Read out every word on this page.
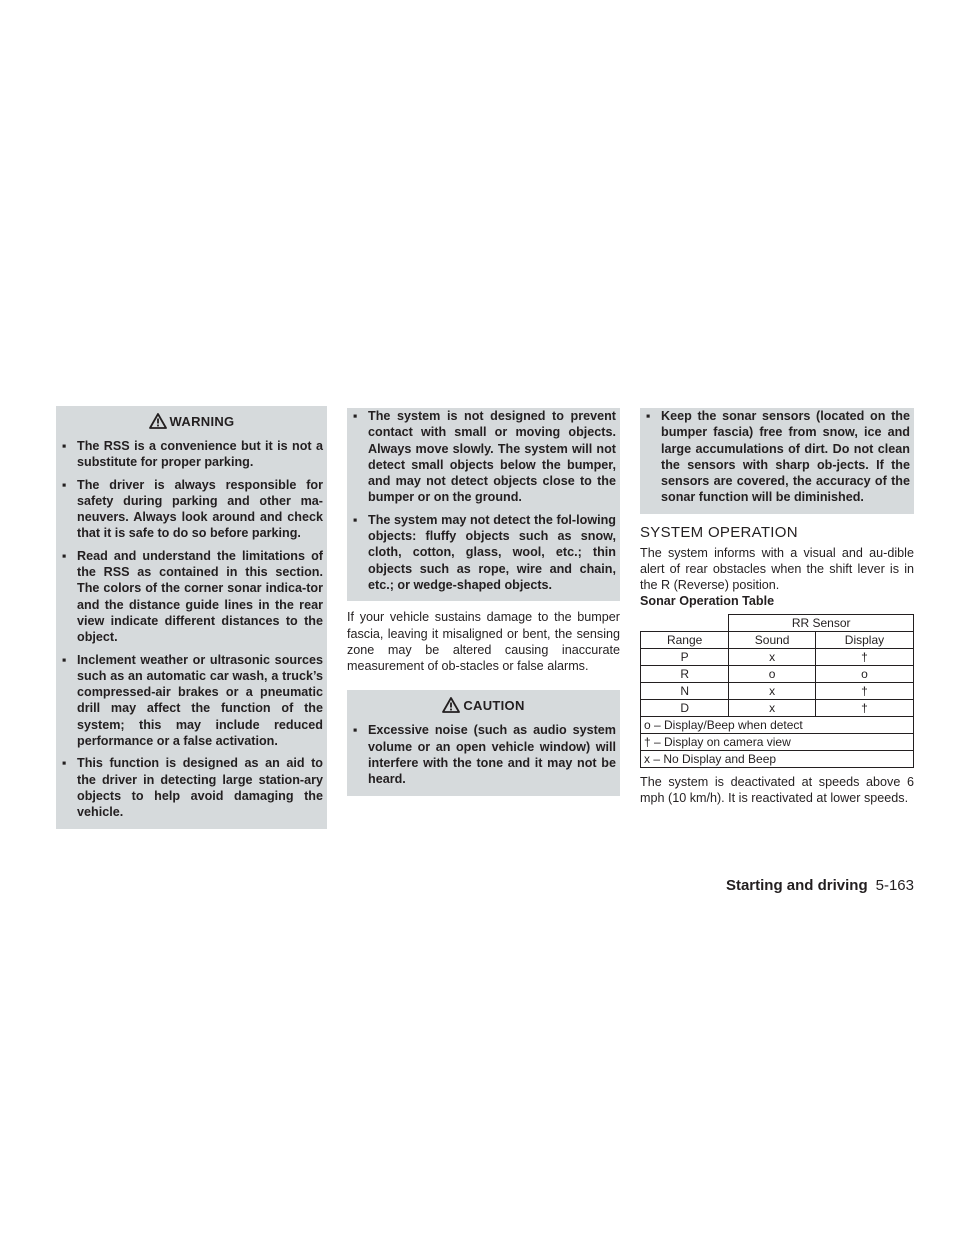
WARNING
▪ The RSS is a convenience but it is not a substitute for proper parking.
▪ The driver is always responsible for safety during parking and other ma-neuvers. Always look around and check that it is safe to do so before parking.
▪ Read and understand the limitations of the RSS as contained in this section. The colors of the corner sonar indica-tor and the distance guide lines in the rear view indicate different distances to the object.
▪ Inclement weather or ultrasonic sources such as an automatic car wash, a truck’s compressed-air brakes or a pneumatic drill may affect the function of the system; this may include reduced performance or a false activation.
▪ This function is designed as an aid to the driver in detecting large station-ary objects to help avoid damaging the vehicle.
▪ The system is not designed to prevent contact with small or moving objects. Always move slowly. The system will not detect small objects below the bumper, and may not detect objects close to the bumper or on the ground.
▪ The system may not detect the fol-lowing objects: fluffy objects such as snow, cloth, cotton, glass, wool, etc.; thin objects such as rope, wire and chain, etc.; or wedge-shaped objects.

If your vehicle sustains damage to the bumper fascia, leaving it misaligned or bent, the sensing zone may be altered causing inaccurate measurement of ob-stacles or false alarms.

CAUTION
▪ Excessive noise (such as audio system volume or an open vehicle window) will interfere with the tone and it may not be heard.
▪ Keep the sonar sensors (located on the bumper fascia) free from snow, ice and large accumulations of dirt. Do not clean the sensors with sharp ob-jects. If the sensors are covered, the accuracy of the sonar function will be diminished.
SYSTEM OPERATION

The system informs with a visual and au-dible alert of rear obstacles when the shift lever is in the R (Reverse) position.

Sonar Operation Table
	RR Sensor	
Range	Sound	Display
P	x	†
R	o	o
N	x	†
D	x	†
o – Display/Beep when detect		
† – Display on camera view		
x – No Display and Beep		

The system is deactivated at speeds above 6 mph (10 km/h). It is reactivated at lower speeds.

Starting and driving 5-163
